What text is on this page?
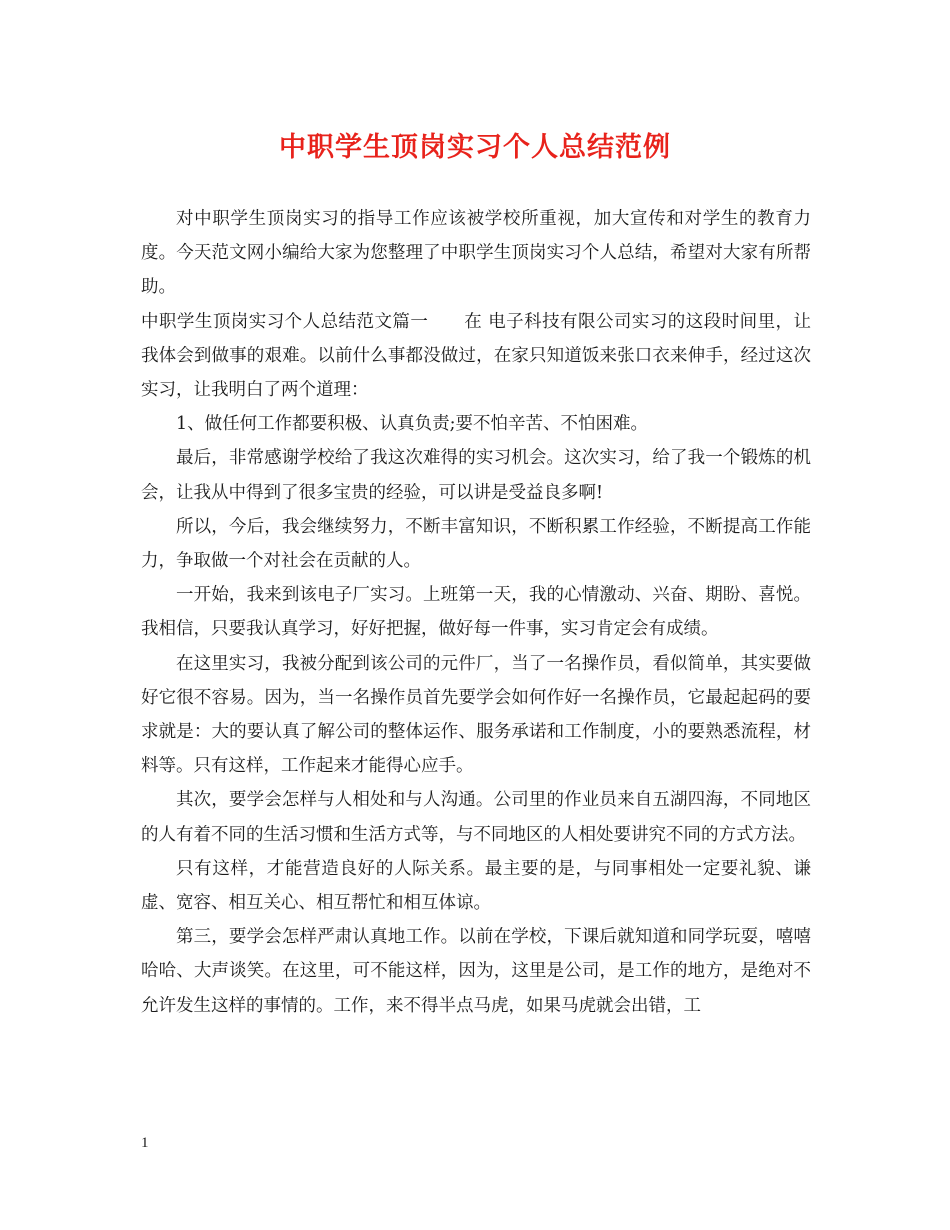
中职学生顶岗实习个人总结范例

对中职学生顶岗实习的指导工作应该被学校所重视，加大宣传和对学生的教育力度。今天范文网小编给大家为您整理了中职学生顶岗实习个人总结，希望对大家有所帮助。

中职学生顶岗实习个人总结范文篇一　　在 电子科技有限公司实习的这段时间里，让我体会到做事的艰难。以前什么事都没做过，在家只知道饭来张口衣来伸手，经过这次实习，让我明白了两个道理：

1、做任何工作都要积极、认真负责;要不怕辛苦、不怕困难。

最后，非常感谢学校给了我这次难得的实习机会。这次实习，给了我一个锻炼的机会，让我从中得到了很多宝贵的经验，可以讲是受益良多啊!

所以，今后，我会继续努力，不断丰富知识，不断积累工作经验，不断提高工作能力，争取做一个对社会在贡献的人。

一开始，我来到该电子厂实习。上班第一天，我的心情激动、兴奋、期盼、喜悦。我相信，只要我认真学习，好好把握，做好每一件事，实习肯定会有成绩。

在这里实习，我被分配到该公司的元件厂，当了一名操作员，看似简单，其实要做好它很不容易。因为，当一名操作员首先要学会如何作好一名操作员，它最起起码的要求就是：大的要认真了解公司的整体运作、服务承诺和工作制度，小的要熟悉流程，材料等。只有这样，工作起来才能得心应手。

其次，要学会怎样与人相处和与人沟通。公司里的作业员来自五湖四海，不同地区的人有着不同的生活习惯和生活方式等，与不同地区的人相处要讲究不同的方式方法。

只有这样，才能营造良好的人际关系。最主要的是，与同事相处一定要礼貌、谦虚、宽容、相互关心、相互帮忙和相互体谅。

第三，要学会怎样严肃认真地工作。以前在学校，下课后就知道和同学玩耍，嘻嘻哈哈、大声谈笑。在这里，可不能这样，因为，这里是公司，是工作的地方，是绝对不允许发生这样的事情的。工作，来不得半点马虎，如果马虎就会出错，工

1
